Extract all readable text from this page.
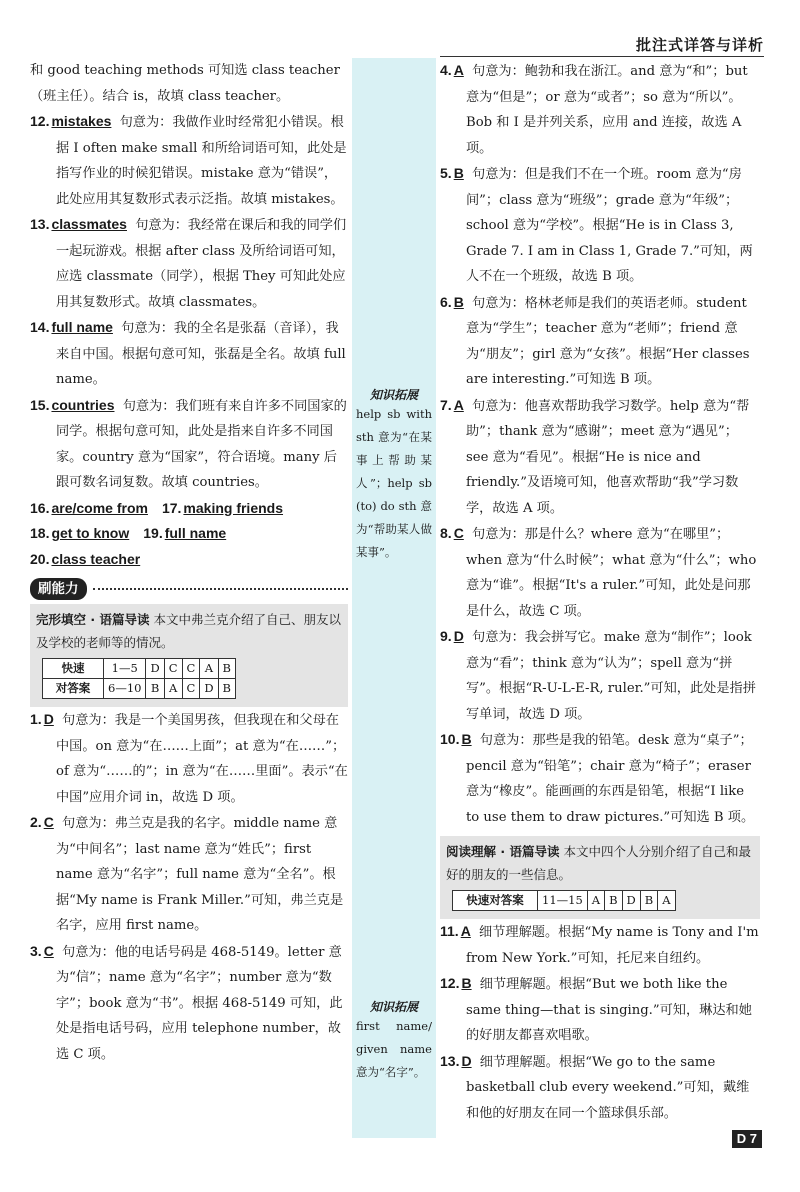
批注式详答与详析

和 good teaching methods 可知选 class teacher（班主任）。结合 is，故填 class teacher。

12. mistakes 句意为：我做作业时经常犯小错误。根据 I often make small 和所给词语可知，此处是指写作业的时候犯错误。mistake 意为“错误”，此处应用其复数形式表示泛指。故填 mistakes。

13. classmates 句意为：我经常在课后和我的同学们一起玩游戏。根据 after class 及所给词语可知，应选 classmate（同学），根据 They 可知此处应用其复数形式。故填 classmates。

14. full name 句意为：我的全名是张磊（音译），我来自中国。根据句意可知，张磊是全名。故填 full name。

15. countries 句意为：我们班有来自许多不同国家的同学。根据句意可知，此处是指来自许多不同国家。country 意为“国家”，符合语境。many 后跟可数名词复数。故填 countries。

16. are/come from 17. making friends

18. get to know 19. full name

20. class teacher

刷能力
完形填空 · 语篇导读 本文中弗兰克介绍了自己、朋友以及学校的老师等的情况。
快速	1—5	D	C	C	A	B
对答案	6—10	B	A	C	D	B

1. D 句意为：我是一个美国男孩，但我现在和父母在中国。on 意为“在……上面”；at 意为“在……”；of 意为“……的”；in 意为“在……里面”。表示“在中国”应用介词 in，故选 D 项。

2. C 句意为：弗兰克是我的名字。middle name 意为“中间名”；last name 意为“姓氏”；first name 意为“名字”；full name 意为“全名”。根据“My name is Frank Miller.”可知，弗兰克是名字，应用 first name。

3. C 句意为：他的电话号码是 468-5149。letter 意为“信”；name 意为“名字”；number 意为“数字”；book 意为“书”。根据 468-5149 可知，此处是指电话号码，应用 telephone number，故选 C 项。

知识拓展
help sb with sth 意为“在某事上帮助某人”；help sb (to) do sth 意为“帮助某人做某事”。
知识拓展
first name/ given name 意为“名字”。

4. A 句意为：鲍勃和我在浙江。and 意为“和”；but 意为“但是”；or 意为“或者”；so 意为“所以”。Bob 和 I 是并列关系，应用 and 连接，故选 A 项。

5. B 句意为：但是我们不在一个班。room 意为“房间”；class 意为“班级”；grade 意为“年级”；school 意为“学校”。根据“He is in Class 3, Grade 7. I am in Class 1, Grade 7.”可知，两人不在一个班级，故选 B 项。

6. B 句意为：格林老师是我们的英语老师。student 意为“学生”；teacher 意为“老师”；friend 意为“朋友”；girl 意为“女孩”。根据“Her classes are interesting.”可知选 B 项。

7. A 句意为：他喜欢帮助我学习数学。help 意为“帮助”；thank 意为“感谢”；meet 意为“遇见”；see 意为“看见”。根据“He is nice and friendly.”及语境可知，他喜欢帮助“我”学习数学，故选 A 项。

8. C 句意为：那是什么？where 意为“在哪里”；when 意为“什么时候”；what 意为“什么”；who 意为“谁”。根据“It's a ruler.”可知，此处是问那是什么，故选 C 项。

9. D 句意为：我会拼写它。make 意为“制作”；look 意为“看”；think 意为“认为”；spell 意为“拼写”。根据“R-U-L-E-R, ruler.”可知，此处是指拼写单词，故选 D 项。

10. B 句意为：那些是我的铅笔。desk 意为“桌子”；pencil 意为“铅笔”；chair 意为“椅子”；eraser 意为“橡皮”。能画画的东西是铅笔，根据“I like to use them to draw pictures.”可知选 B 项。

阅读理解 · 语篇导读 本文中四个人分别介绍了自己和最好的朋友的一些信息。
快速对答案	11—15	A	B	D	B	A

11. A 细节理解题。根据“My name is Tony and I'm from New York.”可知，托尼来自纽约。

12. B 细节理解题。根据“But we both like the same thing—that is singing.”可知，琳达和她的好朋友都喜欢唱歌。

13. D 细节理解题。根据“We go to the same basketball club every weekend.”可知，戴维和他的好朋友在同一个篮球俱乐部。

D 7
